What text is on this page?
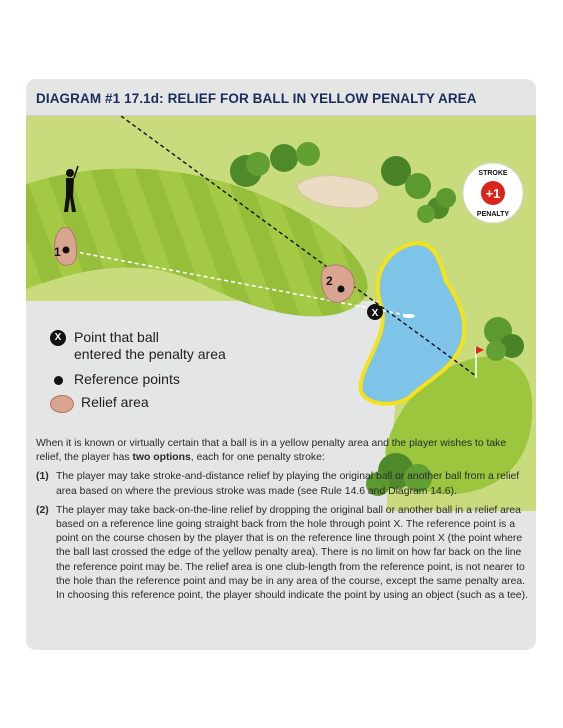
DIAGRAM #1 17.1d: RELIEF FOR BALL IN YELLOW PENALTY AREA
1
2
X
+1
STROKE
PENALTY
X Point that ball
entered the penalty area
Reference points
Relief area

When it is known or virtually certain that a ball is in a yellow penalty area and the player wishes to take relief, the player has two options, each for one penalty stroke:

(1) The player may take stroke-and-distance relief by playing the original ball or another ball from a relief area based on where the previous stroke was made (see Rule 14.6 and Diagram 14.6).
(2) The player may take back-on-the-line relief by dropping the original ball or another ball in a relief area based on a reference line going straight back from the hole through point X. The reference point is a point on the course chosen by the player that is on the reference line through point X (the point where the ball last crossed the edge of the yellow penalty area). There is no limit on how far back on the line the reference point may be. The relief area is one club-length from the reference point, is not nearer to the hole than the reference point and may be in any area of the course, except the same penalty area. In choosing this reference point, the player should indicate the point by using an object (such as a tee).
